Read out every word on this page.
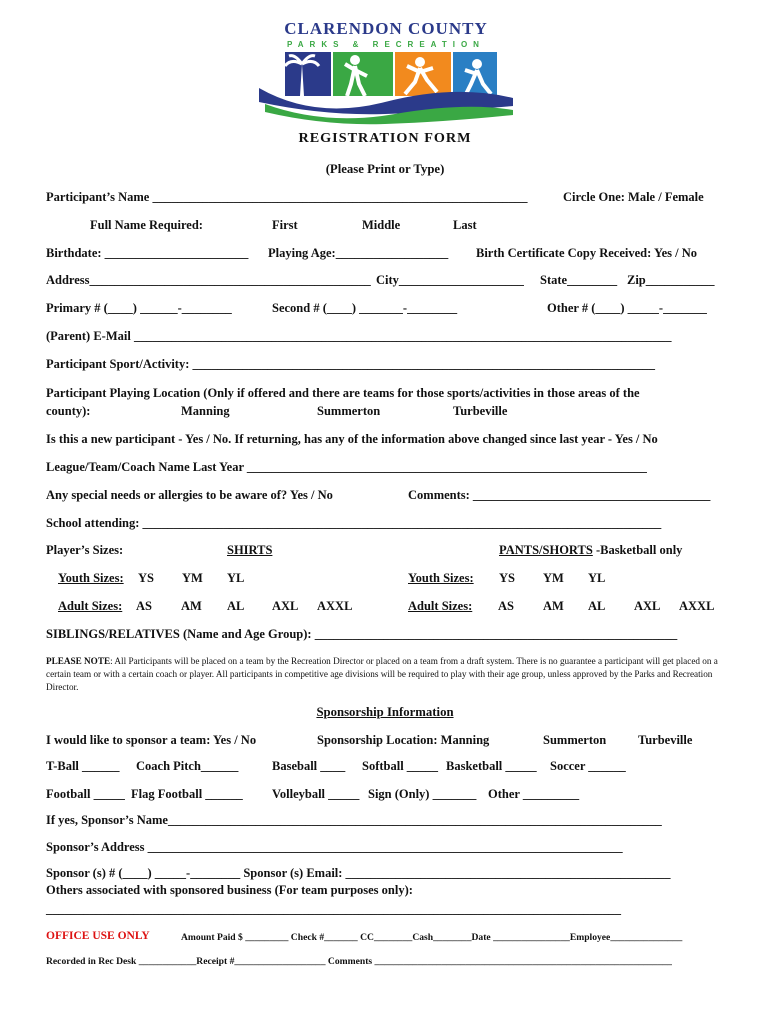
CLARENDON COUNTY
PARKS & RECREATION
REGISTRATION FORM
(Please Print or Type)
Participant’s Name ____________________________________________________________	Circle One: Male / Female
Full Name Required:	First	Middle	Last
Birthdate: _______________________ Playing Age:__________________ Birth Certificate Copy Received: Yes / No
Address_____________________________________________ City____________________ State________ Zip___________
Primary # (____) ______-________	Second # (____) _______-________	Other # (____) _____-_______
(Parent) E-Mail ______________________________________________________________________________________
Participant Sport/Activity: __________________________________________________________________________
Participant Playing Location (Only if offered and there are teams for those sports/activities in those areas of the
county):	Manning	Summerton	Turbeville
Is this a new participant - Yes / No. If returning, has any of the information above changed since last year - Yes / No
League/Team/Coach Name Last Year ________________________________________________________________
Any special needs or allergies to be aware of? Yes / No	Comments: ______________________________________
School attending: ___________________________________________________________________________________
Player’s Sizes:	SHIRTS	PANTS/SHORTS -Basketball only
Youth Sizes: YS YM YL	Youth Sizes: YS YM YL
Adult Sizes: AS AM AL AXL AXXL	Adult Sizes: AS AM AL AXL AXXL
SIBLINGS/RELATIVES (Name and Age Group): __________________________________________________________
PLEASE NOTE: All Participants will be placed on a team by the Recreation Director or placed on a team from a draft system. There is no guarantee a participant will get placed on a certain team or with a certain coach or player. All participants in competitive age divisions will be required to play with their age group, unless approved by the Parks and Recreation Director.
Sponsorship Information
I would like to sponsor a team: Yes / No	Sponsorship Location: Manning	Summerton	Turbeville
T-Ball ______ Coach Pitch______	Baseball ____ Softball _____ Basketball _____ Soccer ______
Football _____ Flag Football ______ Volleyball _____ Sign (Only) _______ Other _________
If yes, Sponsor’s Name_______________________________________________________________________________
Sponsor’s Address ____________________________________________________________________________
Sponsor (s) # (____) _____-________ Sponsor (s) Email: ____________________________________________________
Others associated with sponsored business (For team purposes only):
____________________________________________________________________________________________
OFFICE USE ONLY	Amount Paid $ _________ Check #_______ CC________Cash________Date ________________Employee_______________
Recorded in Rec Desk ____________Receipt #___________________ Comments ______________________________________________________________
